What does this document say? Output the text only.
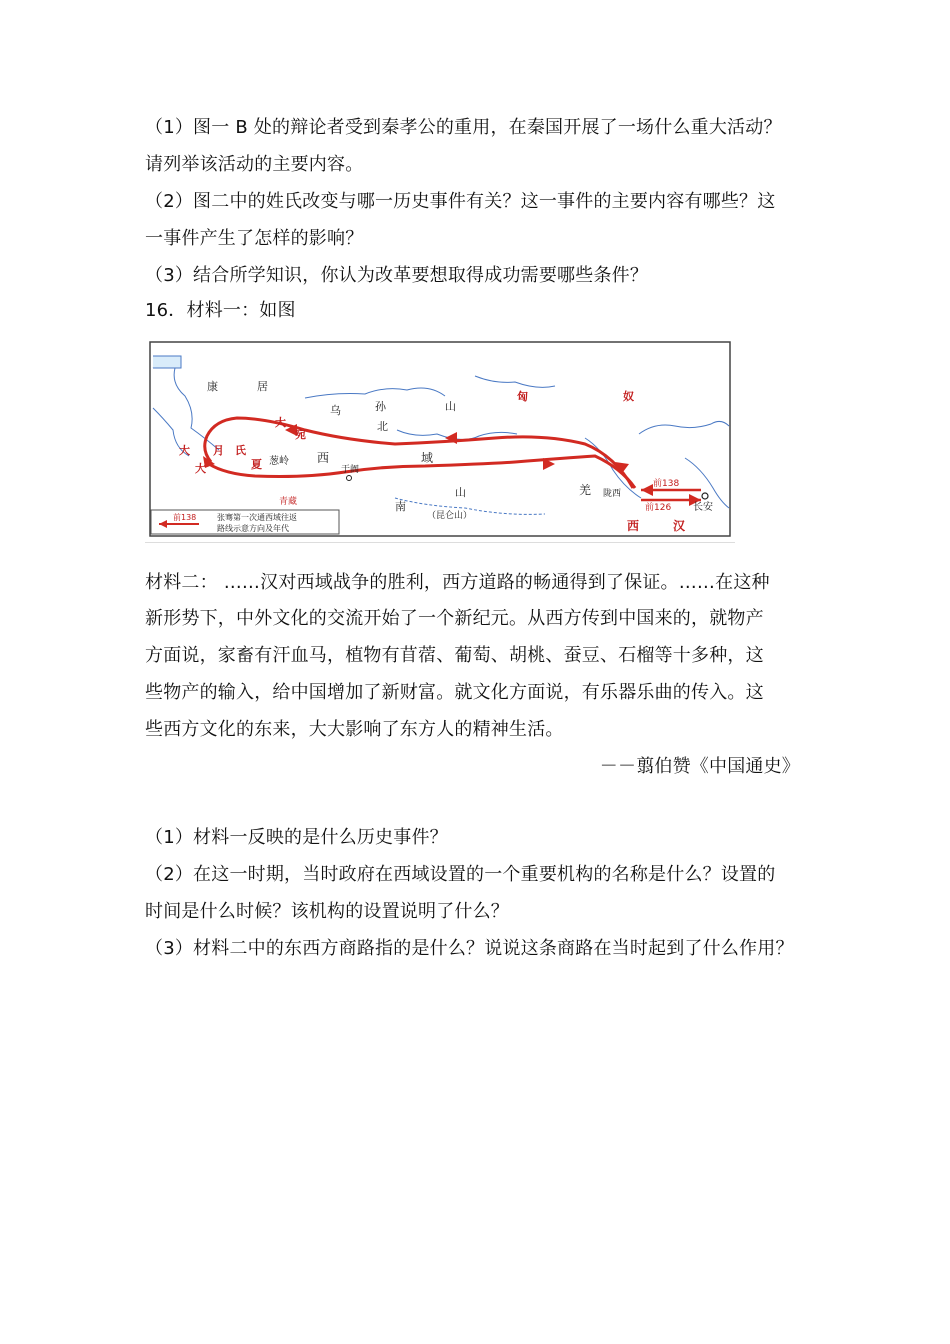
（1）图一 B 处的辩论者受到秦孝公的重用，在秦国开展了一场什么重大活动？
请列举该活动的主要内容。
（2）图二中的姓氏改变与哪一历史事件有关？这一事件的主要内容有哪些？这
一事件产生了怎样的影响？
（3）结合所学知识，你认为改革要想取得成功需要哪些条件？
16．材料一：如图
康	居
乌	孙	山
北
匈	奴
大
宛
大 月 氏
大	夏 葱岭 西	域
于阗
南
山
（昆仑山）
羌 陇西
长安
西	汉
前138
前126
青藏
前138	张骞第一次通西域往返
路线示意方向及年代
材料二： ……汉对西域战争的胜利，西方道路的畅通得到了保证。……在这种
新形势下，中外文化的交流开始了一个新纪元。从西方传到中国来的，就物产
方面说，家畜有汗血马，植物有苜蓿、葡萄、胡桃、蚕豆、石榴等十多种，这
些物产的输入，给中国增加了新财富。就文化方面说，有乐器乐曲的传入。这
些西方文化的东来，大大影响了东方人的精神生活。
－－翦伯赞《中国通史》
（1）材料一反映的是什么历史事件？
（2）在这一时期，当时政府在西域设置的一个重要机构的名称是什么？设置的
时间是什么时候？该机构的设置说明了什么？
（3）材料二中的东西方商路指的是什么？说说这条商路在当时起到了什么作用？
